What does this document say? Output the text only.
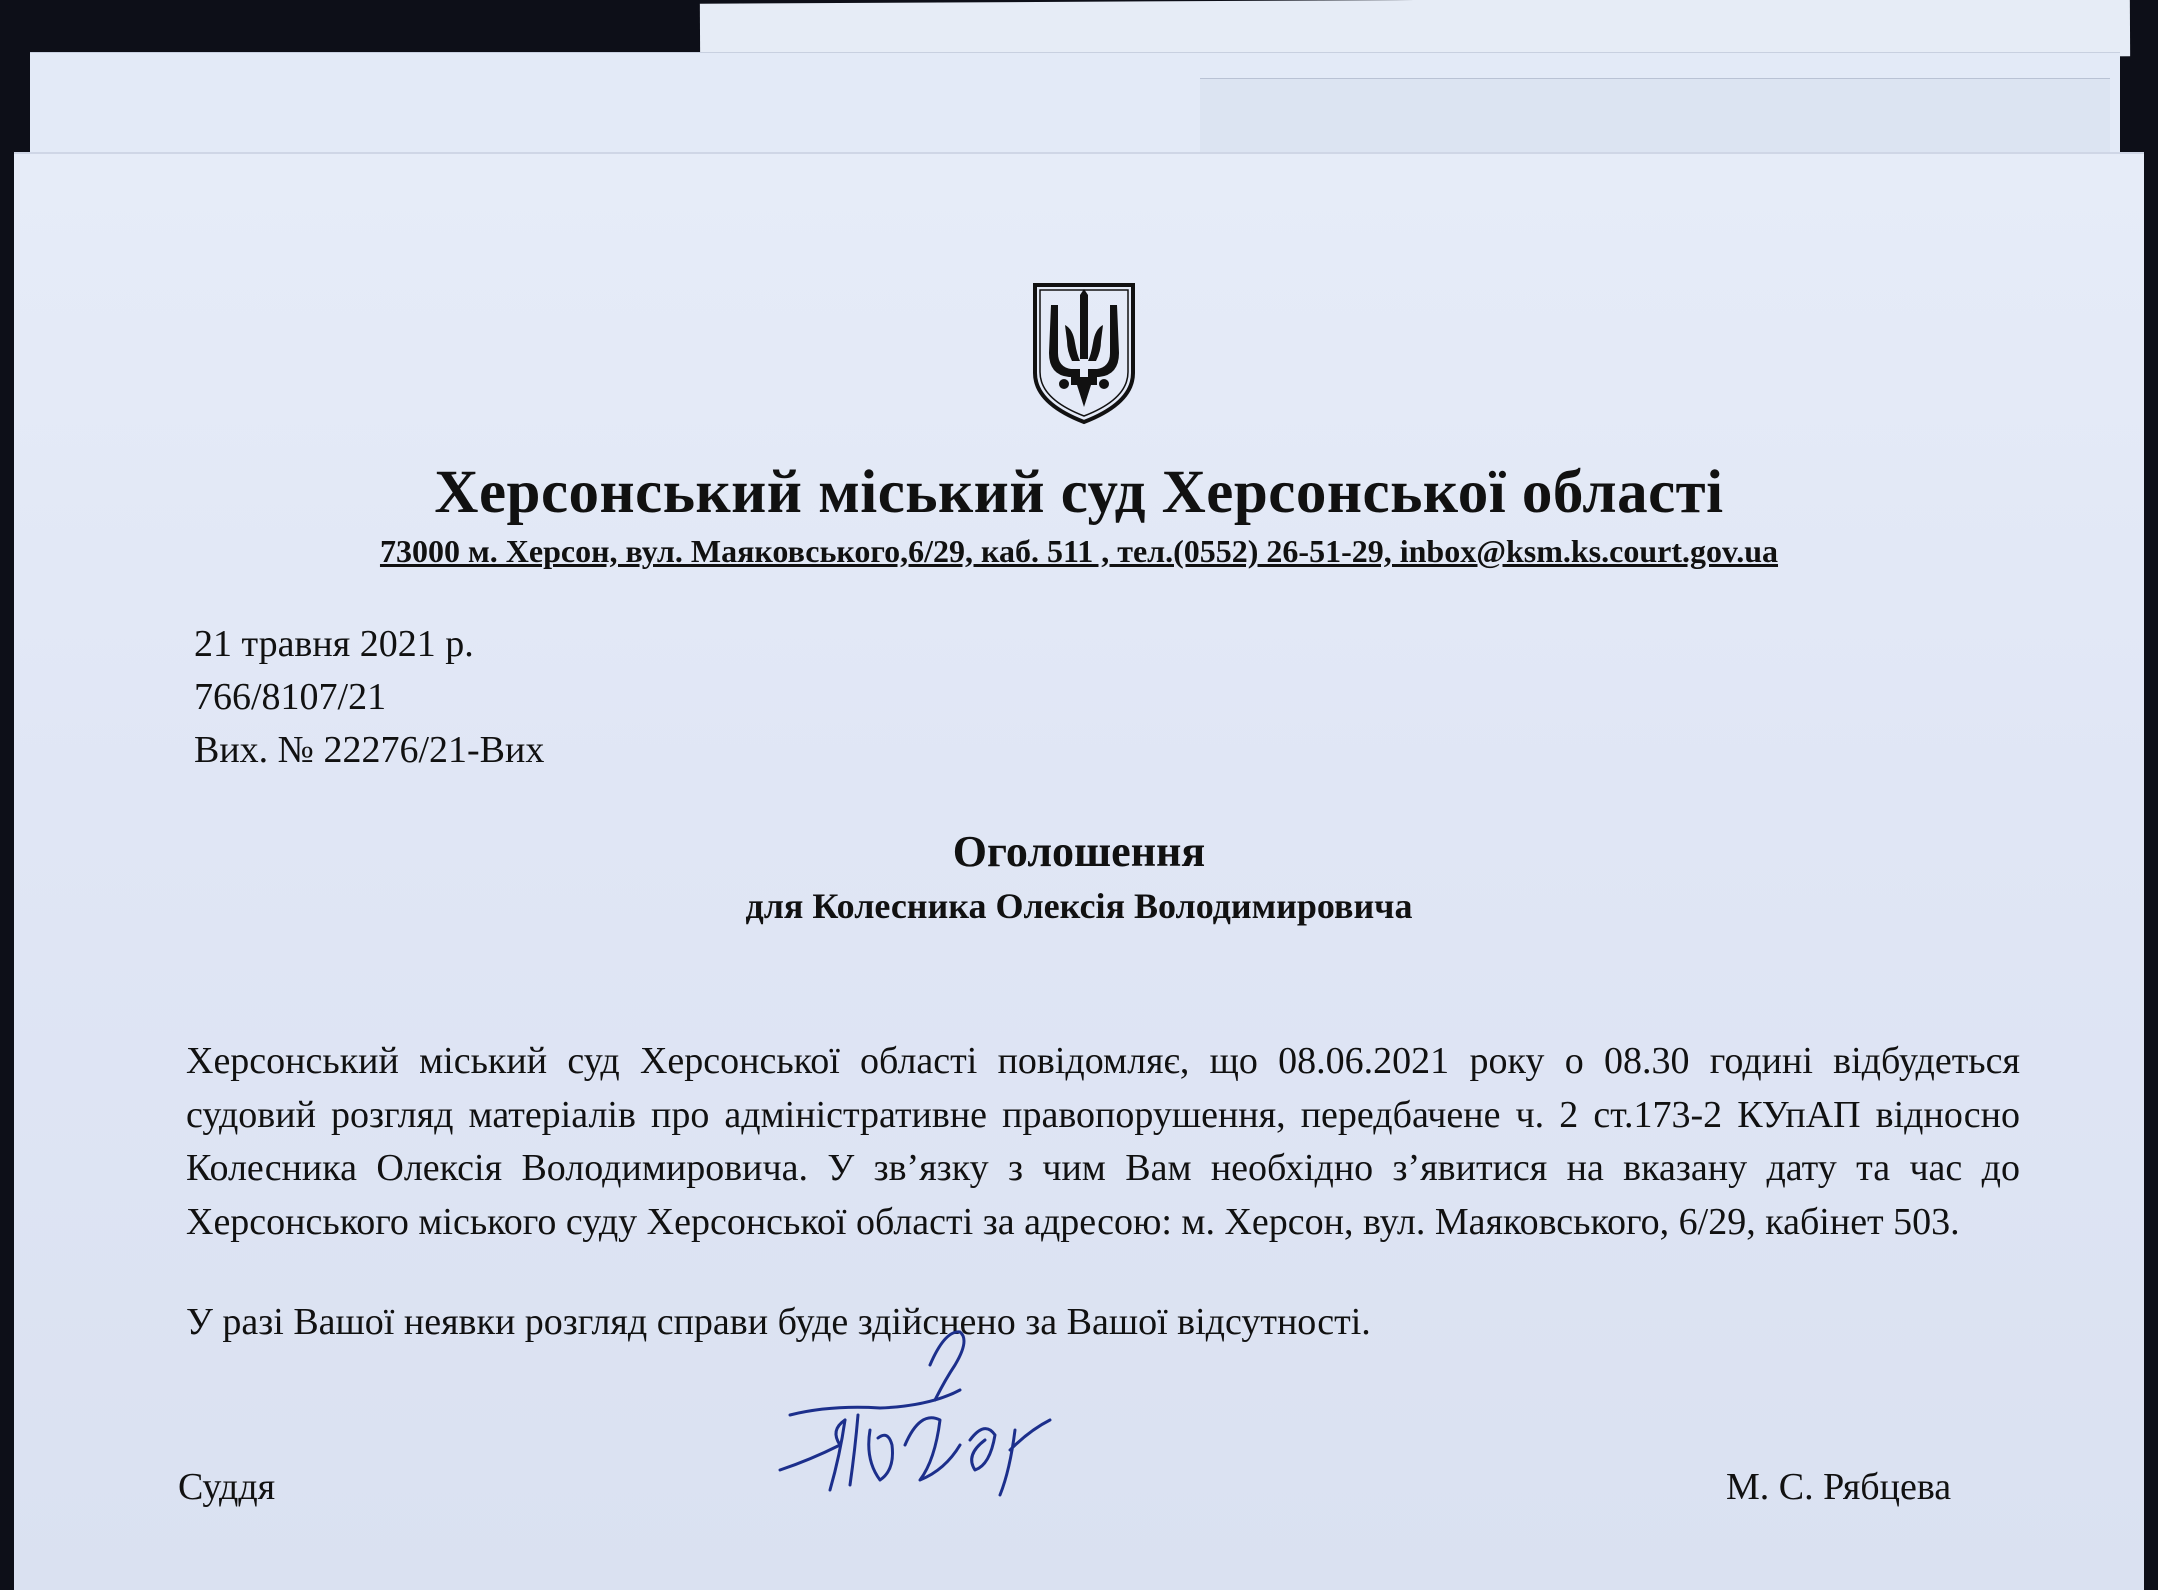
Херсонський міський суд Херсонської області
73000 м. Херсон, вул. Маяковського,6/29, каб. 511 , тел.(0552) 26-51-29, inbox@ksm.ks.court.gov.ua
21 травня 2021 р.
766/8107/21
Вих. № 22276/21-Вих
Оголошення
для Колесника Олексія Володимировича
Херсонський міський суд Херсонської області повідомляє, що 08.06.2021 року о 08.30 годині відбудеться судовий розгляд матеріалів про адміністративне правопорушення, передбачене ч. 2 ст.173-2 КУпАП відносно Колесника Олексія Володимировича. У зв’язку з чим Вам необхідно з’явитися на вказану дату та час до Херсонського міського суду Херсонської області за адресою: м. Херсон, вул. Маяковського, 6/29, кабінет 503.
У разі Вашої неявки розгляд справи буде здійснено за Вашої відсутності.
Суддя	М. С. Рябцева
